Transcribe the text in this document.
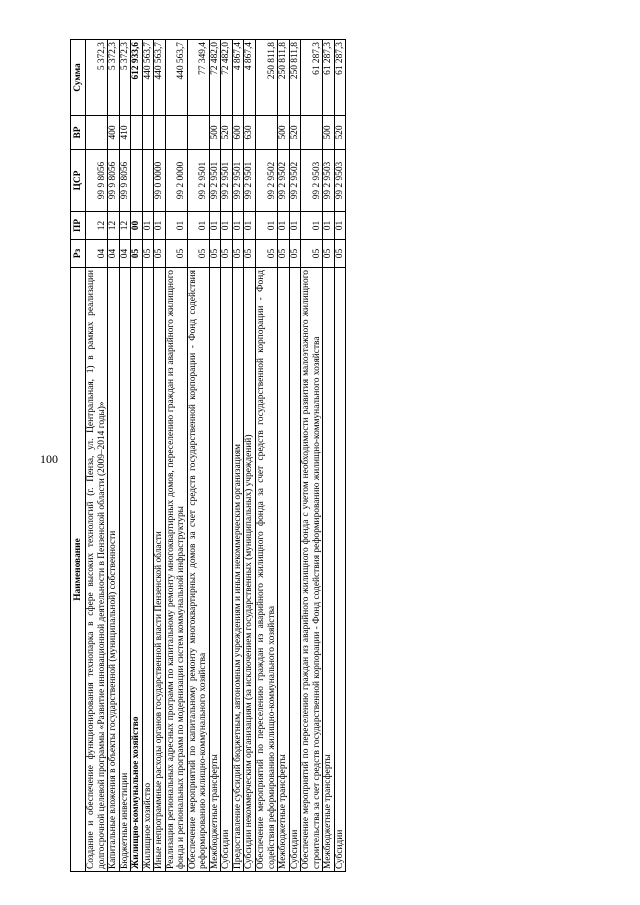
100
Наименование	Рз	ПР	ЦСР	ВР	Сумма
Создание и обеспечение функционирования технопарка в сфере высоких технологий (г. Пенза, ул. Центральная, 1) в рамках реализации долгосрочной целевой программы «Развитие инновационной деятельности в Пензенской области (2009–2014 годы)»	04	12	99 9 8056		5 372,3
Капитальные вложения в объекты государственной (муниципальной) собственности	04	12	99 9 8056	400	5 372,3
Бюджетные инвестиции	04	12	99 9 8056	410	5 372,3
Жилищно-коммунальное хозяйство	05	00			612 933,6
Жилищное хозяйство	05	01			440 563,7
Иные непрограммные расходы органов государственной власти Пензенской области	05	01	99 0 0000		440 563,7
Реализация региональных адресных программ по капитальному ремонту многоквартирных домов, переселению граждан из аварийного жилищного фонда и региональных программ по модернизации систем коммунальной инфраструктуры	05	01	99 2 0000		440 563,7
Обеспечение мероприятий по капитальному ремонту многоквартирных домов за счет средств государственной корпорации - Фонд содействия реформированию жилищно-коммунального хозяйства	05	01	99 2 9501		77 349,4
Межбюджетные трансферты	05	01	99 2 9501	500	72 482,0
Субсидии	05	01	99 2 9501	520	72 482,0
Предоставление субсидий бюджетным, автономным учреждениям и иным некоммерческим организациям	05	01	99 2 9501	600	4 867,4
Субсидии некоммерческим организациям (за исключением государственных (муниципальных) учреждений)	05	01	99 2 9501	630	4 867,4
Обеспечение мероприятий по переселению граждан из аварийного жилищного фонда за счет средств государственной корпорации - Фонд содействия реформированию жилищно-коммунального хозяйства	05	01	99 2 9502		250 811,8
Межбюджетные трансферты	05	01	99 2 9502	500	250 811,8
Субсидии	05	01	99 2 9502	520	250 811,8
Обеспечение мероприятий по переселению граждан из аварийного жилищного фонда с учетом необходимости развития малоэтажного жилищного строительства за счет средств государственной корпорации - Фонд содействия реформированию жилищно-коммунального хозяйства	05	01	99 2 9503		61 287,3
Межбюджетные трансферты	05	01	99 2 9503	500	61 287,3
Субсидии	05	01	99 2 9503	520	61 287,3
